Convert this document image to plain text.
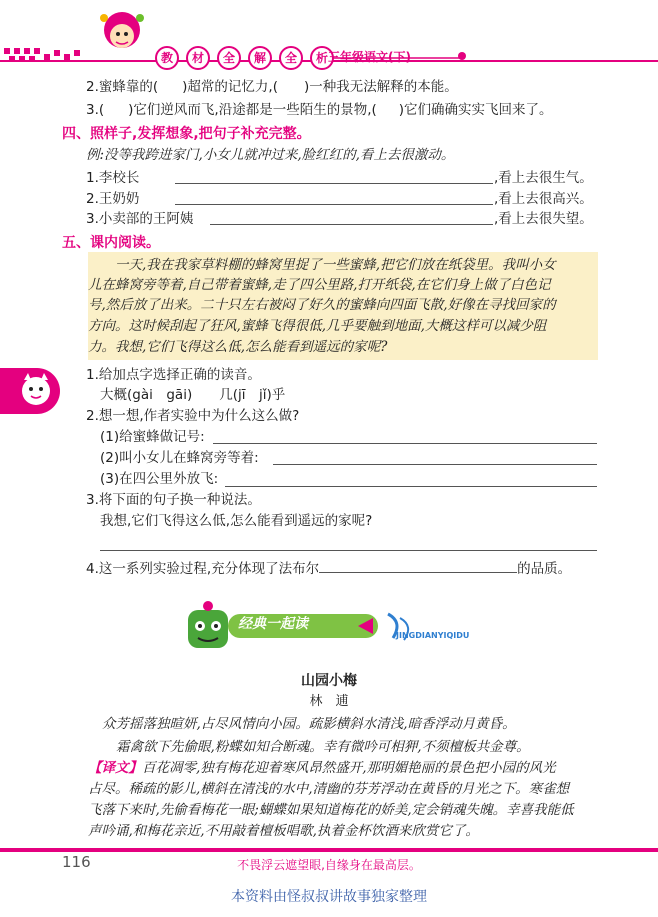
教 材 全 解 全 析 三年级语文(下)
2.蜜蜂靠的( )超常的记忆力,( )一种我无法解释的本能。
3.( )它们逆风而飞,沿途都是一些陌生的景物,( )它们确确实实飞回来了。
四、照样子,发挥想象,把句子补充完整。
例:没等我跨进家门,小女儿就冲过来,脸红红的,看上去很激动。
1.李校长	,看上去很生气。
2.王奶奶	,看上去很高兴。
3.小卖部的王阿姨	,看上去很失望。
五、课内阅读。
一天,我在我家草料棚的蜂窝里捉了一些蜜蜂,把它们放在纸袋里。我叫小女
儿在蜂窝旁等着,自己带着蜜蜂,走了四公里路,打开纸袋,在它们身上做了白色记
号,然后放了出来。二十只左右被闷了好久的蜜蜂向四面飞散,好像在寻找回家的
方向。这时候刮起了狂风,蜜蜂飞得很低,几乎要触到地面,大概这样可以减少阻
力。我想,它们飞得这么低,怎么能看到遥远的家呢?
1.给加点字选择正确的读音。
大概(gài　gāi)　　几(jī　jǐ)乎
2.想一想,作者实验中为什么这么做?
(1)给蜜蜂做记号:
(2)叫小女儿在蜂窝旁等着:
(3)在四公里外放飞:
3.将下面的句子换一种说法。
我想,它们飞得这么低,怎么能看到遥远的家呢?
4.这一系列实验过程,充分体现了法布尔	的品质。
经典一起读
JINGDIANYIQIDU
山园小梅
林　逋
众芳摇落独暄妍,占尽风情向小园。疏影横斜水清浅,暗香浮动月黄昏。
霜禽欲下先偷眼,粉蝶如知合断魂。幸有微吟可相狎,不须檀板共金尊。
【译文】百花凋零,独有梅花迎着寒风昂然盛开,那明媚艳丽的景色把小园的风光
占尽。稀疏的影儿,横斜在清浅的水中,清幽的芬芳浮动在黄昏的月光之下。寒雀想
飞落下来时,先偷看梅花一眼;蝴蝶如果知道梅花的娇美,定会销魂失魄。幸喜我能低
声吟诵,和梅花亲近,不用敲着檀板唱歌,执着金杯饮酒来欣赏它了。
116	不畏浮云遮望眼,自缘身在最高层。
本资料由怪叔叔讲故事独家整理
